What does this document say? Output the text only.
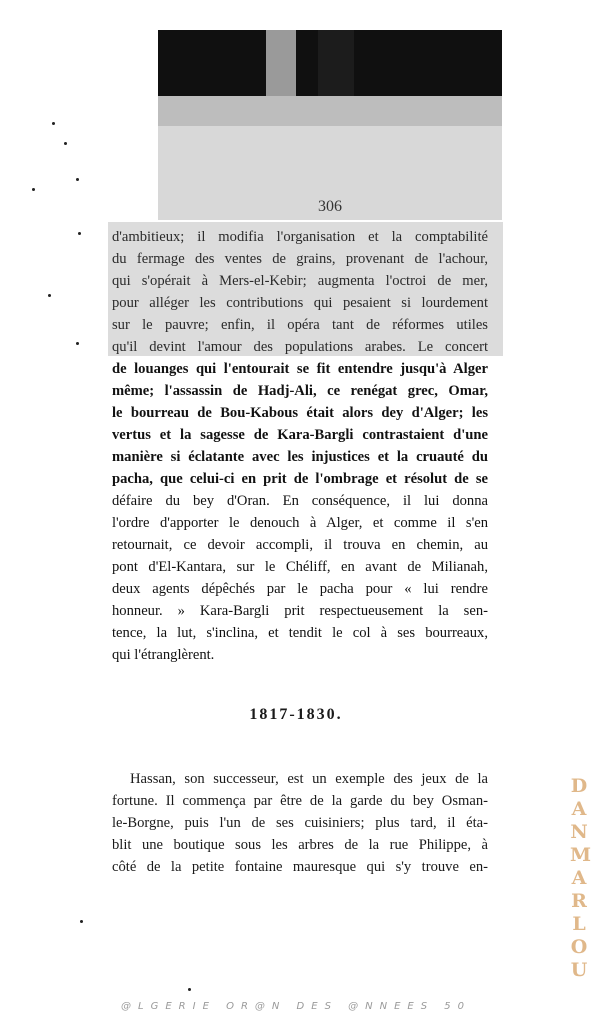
306
d'ambitieux; il modifia l'organisation et la comptabilité
du fermage des ventes de grains, provenant de l'achour,
qui s'opérait à Mers-el-Kebir; augmenta l'octroi de mer,
pour alléger les contributions qui pesaient si lourdement
sur le pauvre; enfin, il opéra tant de réformes utiles
qu'il devint l'amour des populations arabes. Le concert
de louanges qui l'entourait se fit entendre jusqu'à Alger
même; l'assassin de Hadj-Ali, ce renégat grec, Omar,
le bourreau de Bou-Kabous était alors dey d'Alger; les
vertus et la sagesse de Kara-Bargli contrastaient d'une
manière si éclatante avec les injustices et la cruauté du
pacha, que celui-ci en prit de l'ombrage et résolut de se
défaire du bey d'Oran. En conséquence, il lui donna
l'ordre d'apporter le denouch à Alger, et comme il s'en
retournait, ce devoir accompli, il trouva en chemin, au
pont d'El-Kantara, sur le Chéliff, en avant de Milianah,
deux agents dépêchés par le pacha pour « lui rendre
honneur. » Kara-Bargli prit respectueusement la sen-
tence, la lut, s'inclina, et tendit le col à ses bourreaux,
qui l'étranglèrent.
1817-1830.
Hassan, son successeur, est un exemple des jeux de la
fortune. Il commença par être de la garde du bey Osman-
le-Borgne, puis l'un de ses cuisiniers; plus tard, il éta-
blit une boutique sous les arbres de la rue Philippe, à
côté de la petite fontaine mauresque qui s'y trouve en-
D
A
N
M
A
R
L
O
U
@LGERIE OR@N DES @NNEES 50
